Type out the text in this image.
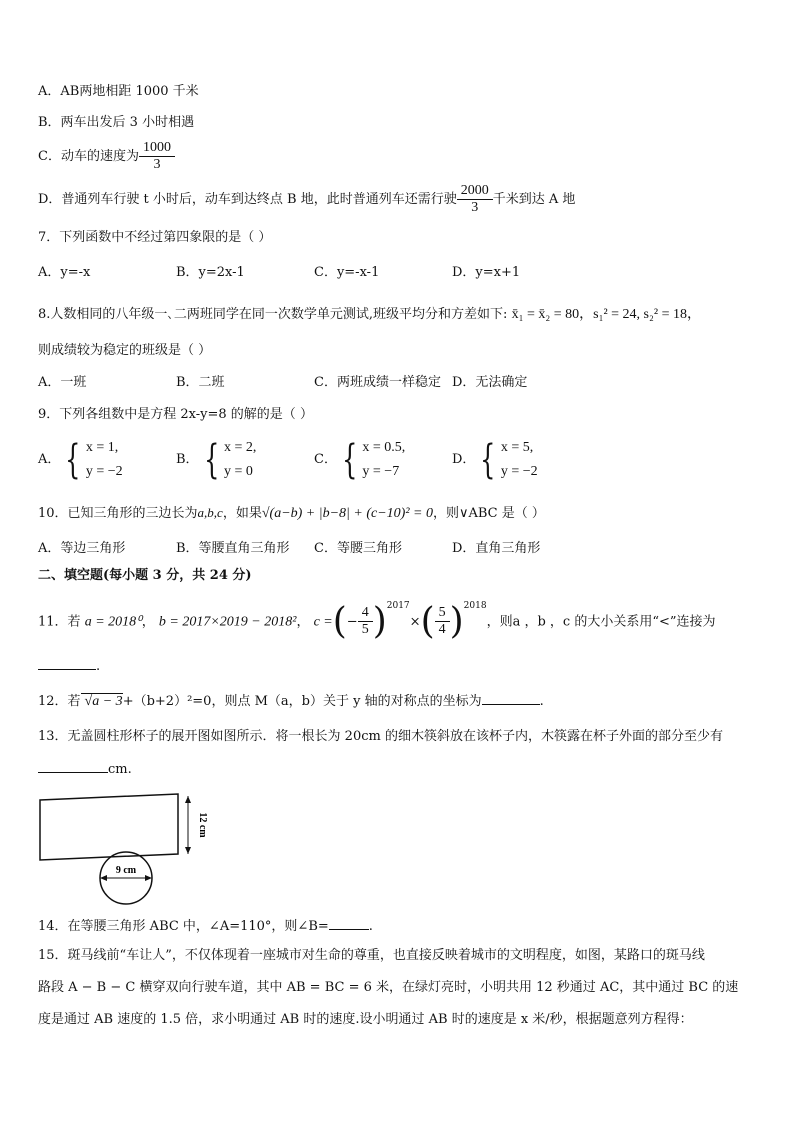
A．AB两地相距 1000 千米
B．两车出发后 3 小时相遇
C．动车的速度为 $\frac{1000}{3}$
D．普通列车行驶 t 小时后，动车到达终点 B 地，此时普通列车还需行驶 $\frac{2000}{3}$ 千米到达 A 地
7．下列函数中不经过第四象限的是（ ）
A．y=-x	B．y=2x-1	C．y=-x-1	D．y=x+1
8.人数相同的八年级一､二两班同学在同一次数学单元测试,班级平均分和方差如下: x̄₁ = x̄₂ = 80，s₁² = 24, s₂² = 18，
则成绩较为稳定的班级是（ ）
A．一班	B．二班	C．两班成绩一样稳定 D．无法确定
9．下列各组数中是方程 2x-y=8 的解的是（ ）
A． { x = 1,
y = −2
B． { x = 2,
y = 0
C． { x = 0.5,
y = −7
D． { x = 5,
y = −2
10．已知三角形的三边长为a,b,c，如果√(a−b) + |b−8| + (c−10)² = 0，则∨ABC 是（ ）
A．等边三角形	B．等腰直角三角形 C．等腰三角形	D．直角三角形
二、填空题(每小题 3 分，共 24 分)
11．若 a = 2018⁰， b = 2017×2019 − 2018²， c =(− $\frac{4}{5} )^{2017}\times( \frac{5}{4} )^{2018}$，则a ，b ，c 的大小关系用“<”连接为
.
12．若 √a − 3+（b+2）²=0，则点 M（a，b）关于 y 轴的对称点的坐标为	.
13．无盖圆柱形杯子的展开图如图所示．将一根长为 20cm 的细木筷斜放在该杯子内，木筷露在杯子外面的部分至少有
cm.
12 cm
9 cm
14．在等腰三角形 ABC 中，∠A=110°，则∠B=	.
15．斑马线前“车让人”，不仅体现着一座城市对生命的尊重，也直接反映着城市的文明程度，如图，某路口的斑马线
路段 A − B − C 横穿双向行驶车道，其中 AB = BC = 6 米，在绿灯亮时，小明共用 12 秒通过 AC，其中通过 BC 的速
度是通过 AB 速度的 1.5 倍，求小明通过 AB 时的速度.设小明通过 AB 时的速度是 x 米/秒，根据题意列方程得：
